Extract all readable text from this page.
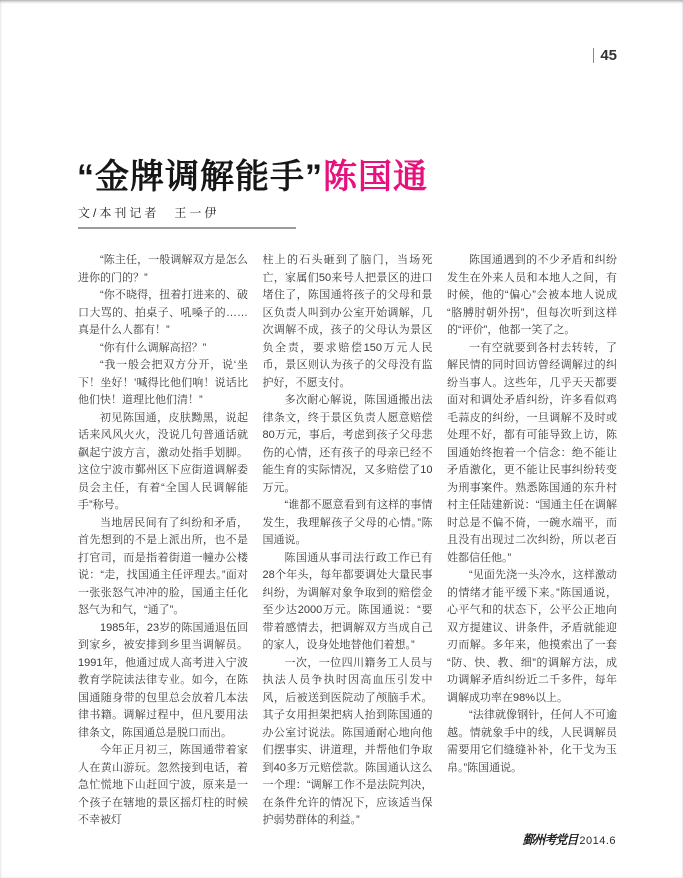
45
“金牌调解能手”陈国通
文/本刊记者　王一伊

“陈主任，一般调解双方是怎么进你的门的？”

“你不晓得，扭着打进来的、破口大骂的、拍桌子、吼嗓子的……真是什么人都有！”

“你有什么调解高招？”

“我一般会把双方分开，说‘坐下！坐好！’喊得比他们响！说话比他们快！道理比他们清！”

初见陈国通，皮肤黝黑，说起话来风风火火，没说几句普通话就飙起宁波方言，激动处指手划脚。这位宁波市鄞州区下应街道调解委员会主任，有着“全国人民调解能手”称号。

当地居民间有了纠纷和矛盾，首先想到的不是上派出所，也不是打官司，而是指着街道一幢办公楼说：“走，找国通主任评理去。”面对一张张怒气冲冲的脸，国通主任化怒气为和气，“通了”。

1985年，23岁的陈国通退伍回到家乡，被安排到乡里当调解员。1991年，他通过成人高考进入宁波教育学院读法律专业。如今，在陈国通随身带的包里总会放着几本法律书籍。调解过程中，但凡要用法律条文，陈国通总是脱口而出。

今年正月初三，陈国通带着家人在黄山游玩。忽然接到电话，着急忙慌地下山赶回宁波，原来是一个孩子在辖地的景区摇灯柱的时候不幸被灯

柱上的石头砸到了脑门，当场死亡，家属们50来号人把景区的进口堵住了，陈国通将孩子的父母和景区负责人叫到办公室开始调解，几次调解不成，孩子的父母认为景区负全责，要求赔偿150万元人民币，景区则认为孩子的父母没有监护好，不愿支付。

多次耐心解说，陈国通搬出法律条文，终于景区负责人愿意赔偿80万元，事后，考虑到孩子父母悲伤的心情，还有孩子的母亲已经不能生育的实际情况，又多赔偿了10万元。

“谁都不愿意看到有这样的事情发生，我理解孩子父母的心情。”陈国通说。

陈国通从事司法行政工作已有28个年头，每年都要调处大量民事纠纷，为调解对象争取到的赔偿金至少达2000万元。陈国通说：“要带着感情去，把调解双方当成自己的家人，设身处地替他们着想。”

一次，一位四川籍务工人员与执法人员争执时因高血压引发中风，后被送到医院动了颅脑手术。其子女用担架把病人抬到陈国通的办公室讨说法。陈国通耐心地向他们摆事实、讲道理，并帮他们争取到40多万元赔偿款。陈国通认这么一个理：“调解工作不是法院判决，在条件允许的情况下，应该适当保护弱势群体的利益。”

陈国通遇到的不少矛盾和纠纷发生在外来人员和本地人之间，有时候，他的“偏心”会被本地人说成“胳膊肘朝外拐”，但每次听到这样的“评价”，他都一笑了之。

一有空就要到各村去转转，了解民情的同时回访曾经调解过的纠纷当事人。这些年，几乎天天都要面对和调处矛盾纠纷，许多看似鸡毛蒜皮的纠纷，一旦调解不及时或处理不好，都有可能导致上访，陈国通始终抱着一个信念：绝不能让矛盾激化，更不能让民事纠纷转变为刑事案件。熟悉陈国通的东升村村主任陆建新说：“国通主任在调解时总是不偏不倚，一碗水端平，而且没有出现过二次纠纷，所以老百姓都信任他。”

“见面先浇一头冷水，这样激动的情绪才能平缓下来。”陈国通说，心平气和的状态下，公平公正地向双方提建议、讲条件，矛盾就能迎刃而解。多年来，他摸索出了一套“防、快、教、细”的调解方法，成功调解矛盾纠纷近二千多件，每年调解成功率在98%以上。

“法律就像钢针，任何人不可逾越。情就象手中的线，人民调解员需要用它们缝缝补补，化干戈为玉帛。”陈国通说。

鄞州考党目 2014.6
